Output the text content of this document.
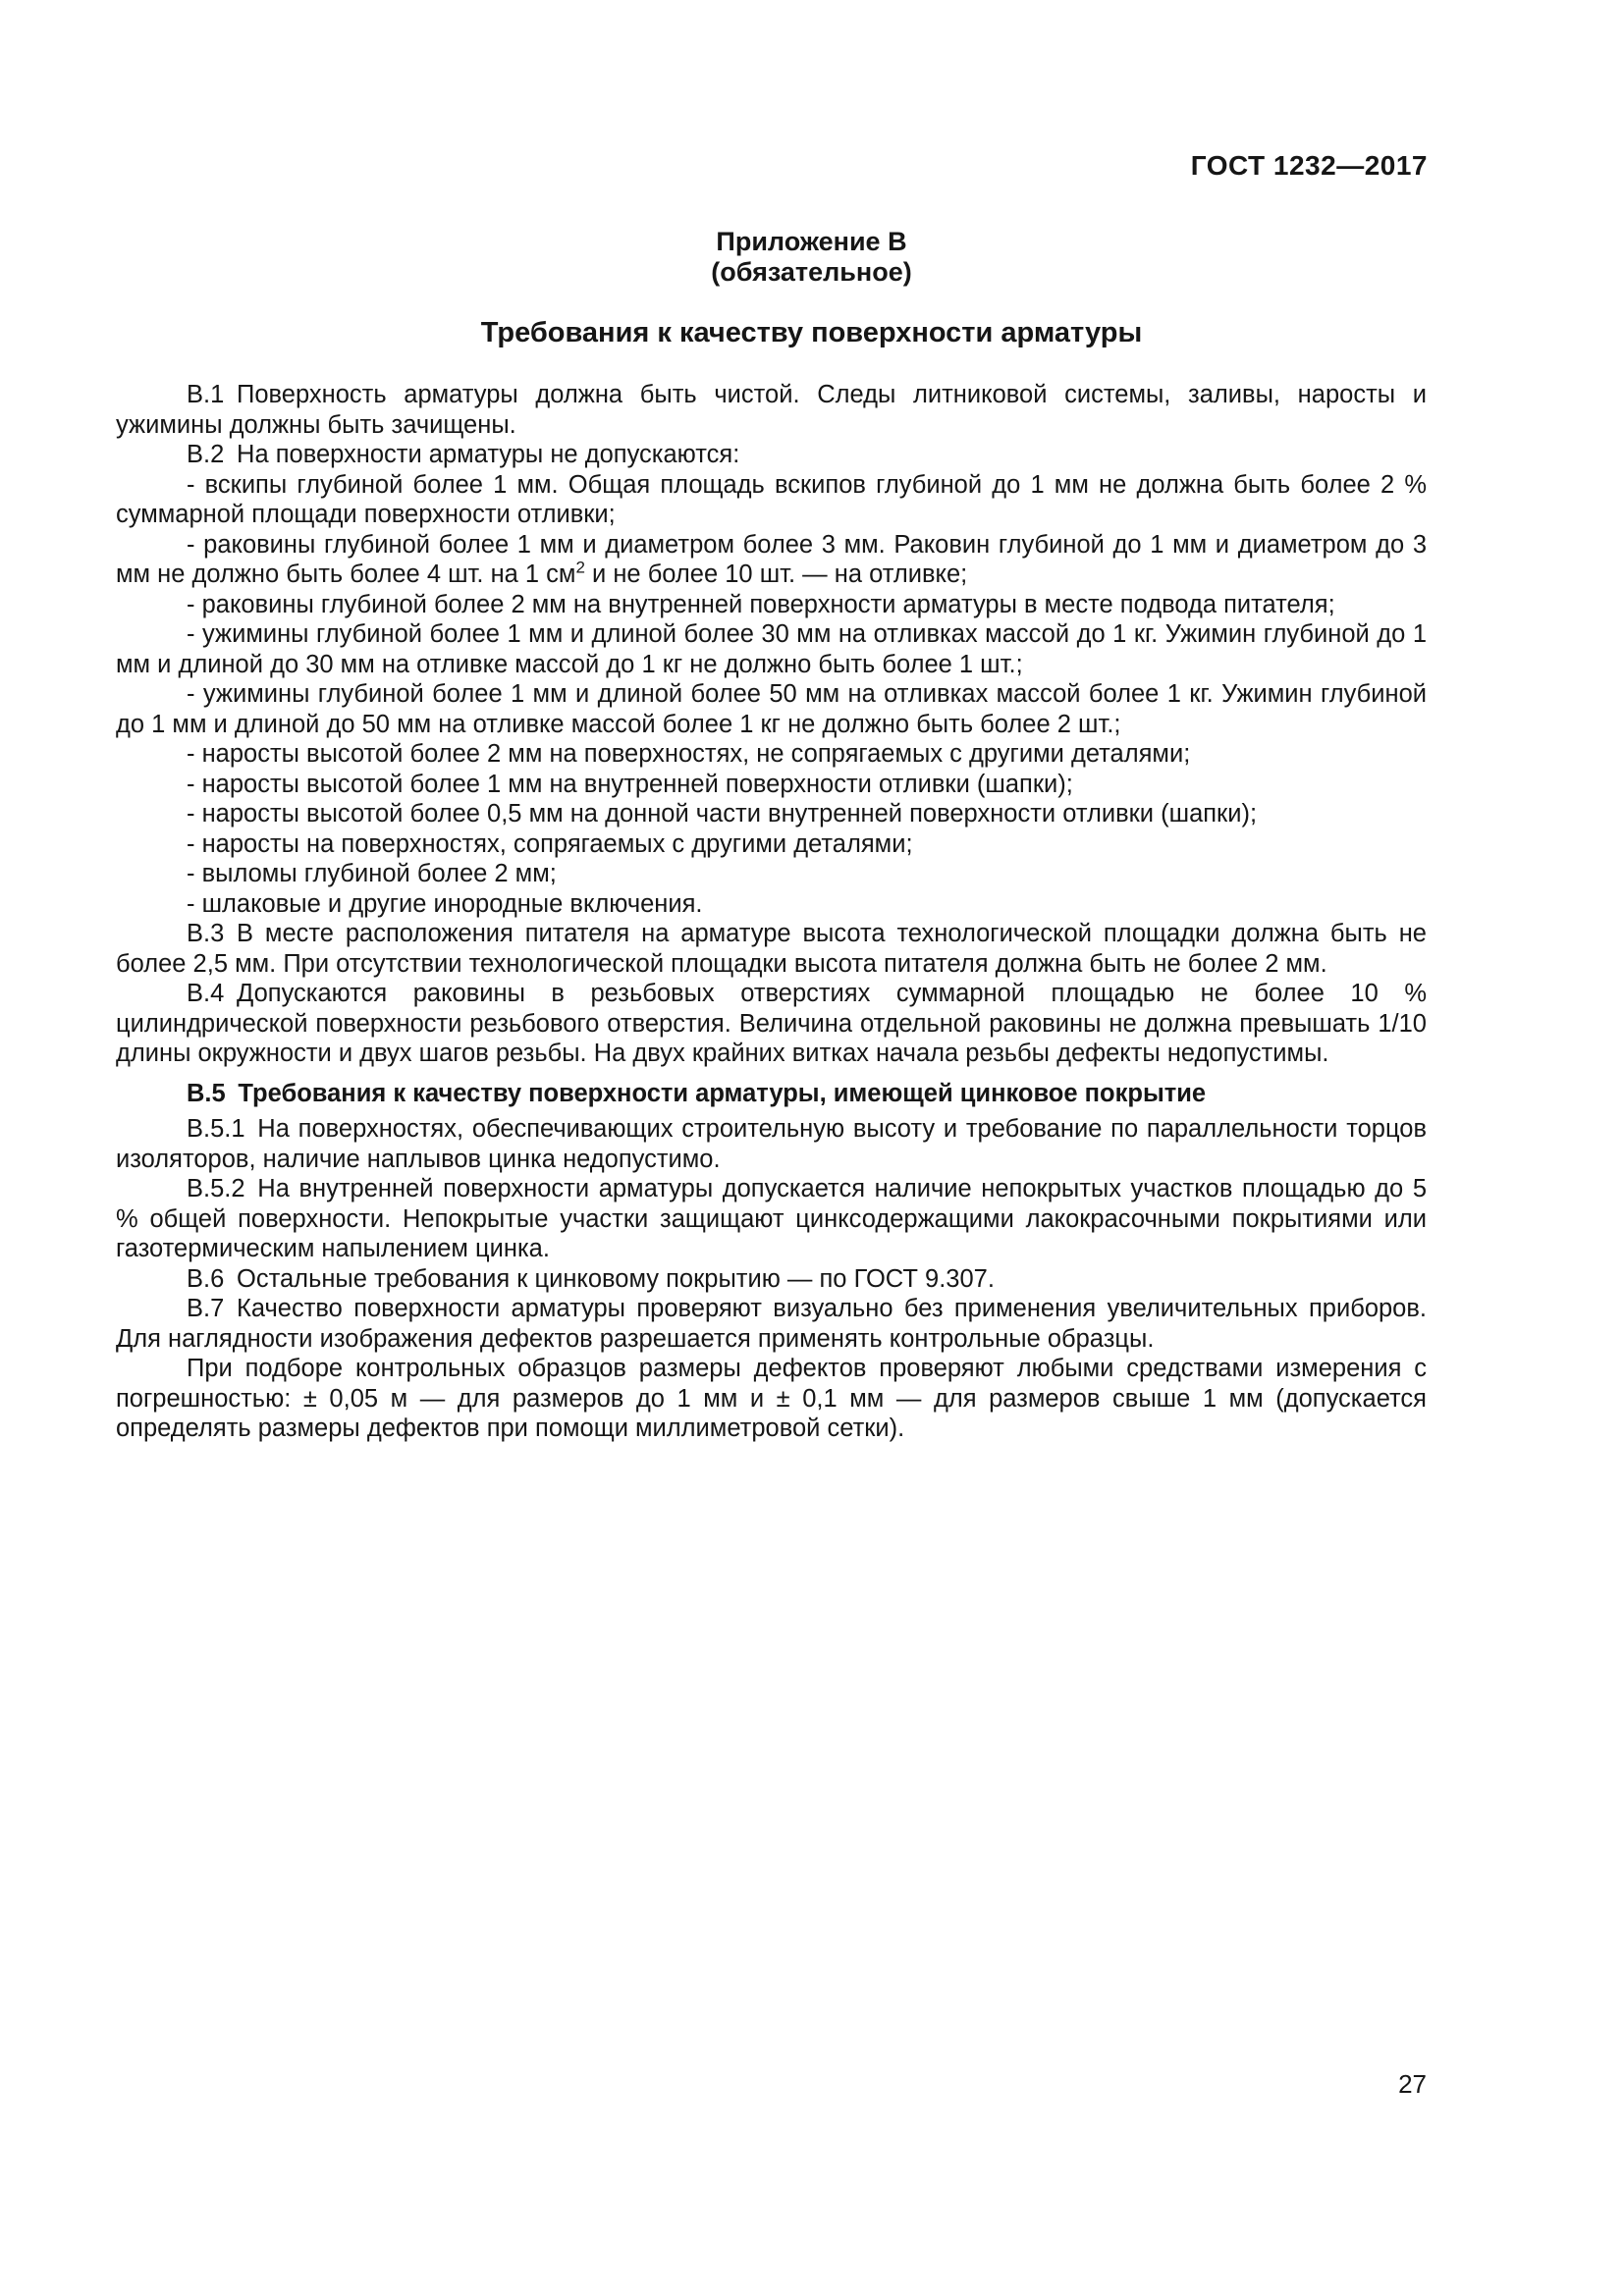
ГОСТ 1232—2017
Приложение В
(обязательное)
Требования к качеству поверхности арматуры

В.1 Поверхность арматуры должна быть чистой. Следы литниковой системы, заливы, наросты и ужимины должны быть зачищены.

В.2 На поверхности арматуры не допускаются:

- вскипы глубиной более 1 мм. Общая площадь вскипов глубиной до 1 мм не должна быть более 2 % суммарной площади поверхности отливки;

- раковины глубиной более 1 мм и диаметром более 3 мм. Раковин глубиной до 1 мм и диаметром до 3 мм не должно быть более 4 шт. на 1 $см^2$ и не более 10 шт. — на отливке;

- раковины глубиной более 2 мм на внутренней поверхности арматуры в месте подвода питателя;

- ужимины глубиной более 1 мм и длиной более 30 мм на отливках массой до 1 кг. Ужимин глубиной до 1 мм и длиной до 30 мм на отливке массой до 1 кг не должно быть более 1 шт.;

- ужимины глубиной более 1 мм и длиной более 50 мм на отливках массой более 1 кг. Ужимин глубиной до 1 мм и длиной до 50 мм на отливке массой более 1 кг не должно быть более 2 шт.;

- наросты высотой более 2 мм на поверхностях, не сопрягаемых с другими деталями;

- наросты высотой более 1 мм на внутренней поверхности отливки (шапки);

- наросты высотой более 0,5 мм на донной части внутренней поверхности отливки (шапки);

- наросты на поверхностях, сопрягаемых с другими деталями;

- выломы глубиной более 2 мм;

- шлаковые и другие инородные включения.

В.3 В месте расположения питателя на арматуре высота технологической площадки должна быть не более 2,5 мм. При отсутствии технологической площадки высота питателя должна быть не более 2 мм.

В.4 Допускаются раковины в резьбовых отверстиях суммарной площадью не более 10 % цилиндрической поверхности резьбового отверстия. Величина отдельной раковины не должна превышать 1/10 длины окружности и двух шагов резьбы. На двух крайних витках начала резьбы дефекты недопустимы.

В.5 Требования к качеству поверхности арматуры, имеющей цинковое покрытие

В.5.1 На поверхностях, обеспечивающих строительную высоту и требование по параллельности торцов изоляторов, наличие наплывов цинка недопустимо.

В.5.2 На внутренней поверхности арматуры допускается наличие непокрытых участков площадью до 5 % общей поверхности. Непокрытые участки защищают цинксодержащими лакокрасочными покрытиями или газотермическим напылением цинка.

В.6 Остальные требования к цинковому покрытию — по ГОСТ 9.307.

В.7 Качество поверхности арматуры проверяют визуально без применения увеличительных приборов. Для наглядности изображения дефектов разрешается применять контрольные образцы.

При подборе контрольных образцов размеры дефектов проверяют любыми средствами измерения с погрешностью: ± 0,05 м — для размеров до 1 мм и ± 0,1 мм — для размеров свыше 1 мм (допускается определять размеры дефектов при помощи миллиметровой сетки).

27
